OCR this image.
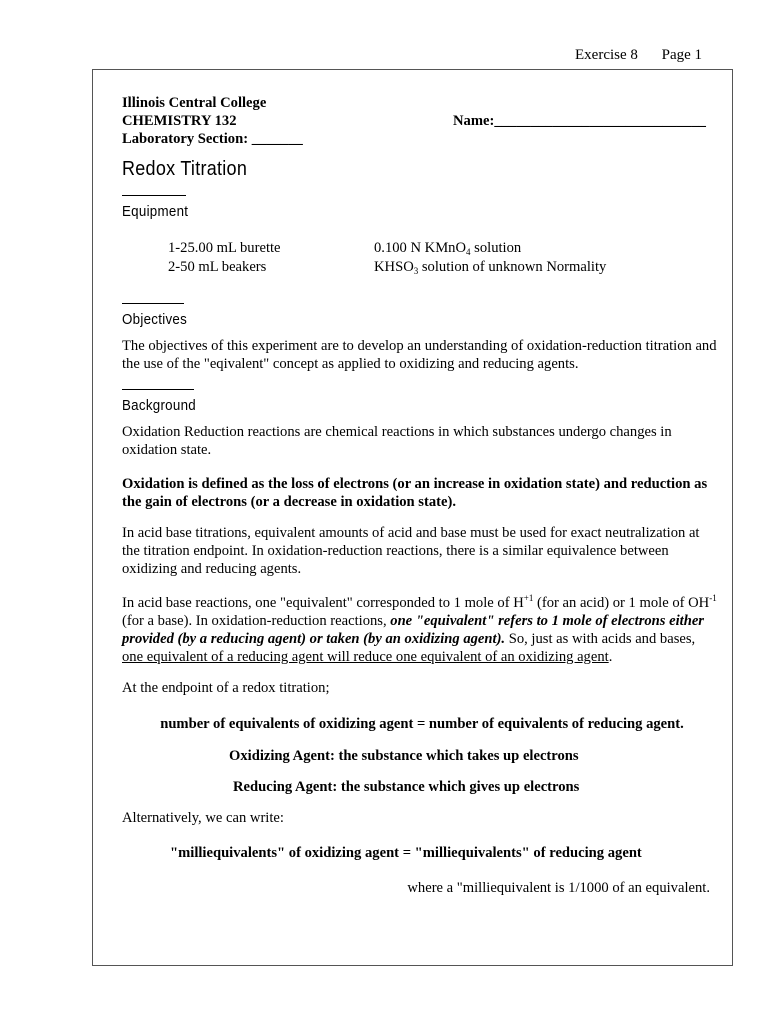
Exercise 8 Page 1
Illinois Central College
CHEMISTRY 132
Laboratory Section: _______
Name:_____________________________
Redox Titration
Equipment
1-25.00 mL burette	0.100 N KMnO$_4$ solution
2-50 mL beakers	$KHSO_3$ solution of unknown Normality
Objectives

The objectives of this experiment are to develop an understanding of oxidation-reduction titration and the use of the "eqivalent" concept as applied to oxidizing and reducing agents.

Background

Oxidation Reduction reactions are chemical reactions in which substances undergo changes in oxidation state.

Oxidation is defined as the loss of electrons (or an increase in oxidation state) and reduction as the gain of electrons (or a decrease in oxidation state).

In acid base titrations, equivalent amounts of acid and base must be used for exact neutralization at the titration endpoint. In oxidation-reduction reactions, there is a similar equivalence between oxidizing and reducing agents.

In acid base reactions, one "equivalent" corresponded to 1 mole of $H^{+1}$ (for an acid) or 1 mole of $OH^{-1}$ (for a base). In oxidation-reduction reactions, one "equivalent" refers to 1 mole of electrons either provided (by a reducing agent) or taken (by an oxidizing agent). So, just as with acids and bases, one equivalent of a reducing agent will reduce one equivalent of an oxidizing agent.

At the endpoint of a redox titration;

number of equivalents of oxidizing agent = number of equivalents of reducing agent.

Oxidizing Agent: the substance which takes up electrons

Reducing Agent: the substance which gives up electrons

Alternatively, we can write:

"milliequivalents" of oxidizing agent = "milliequivalents" of reducing agent

where a "milliequivalent is 1/1000 of an equivalent.
